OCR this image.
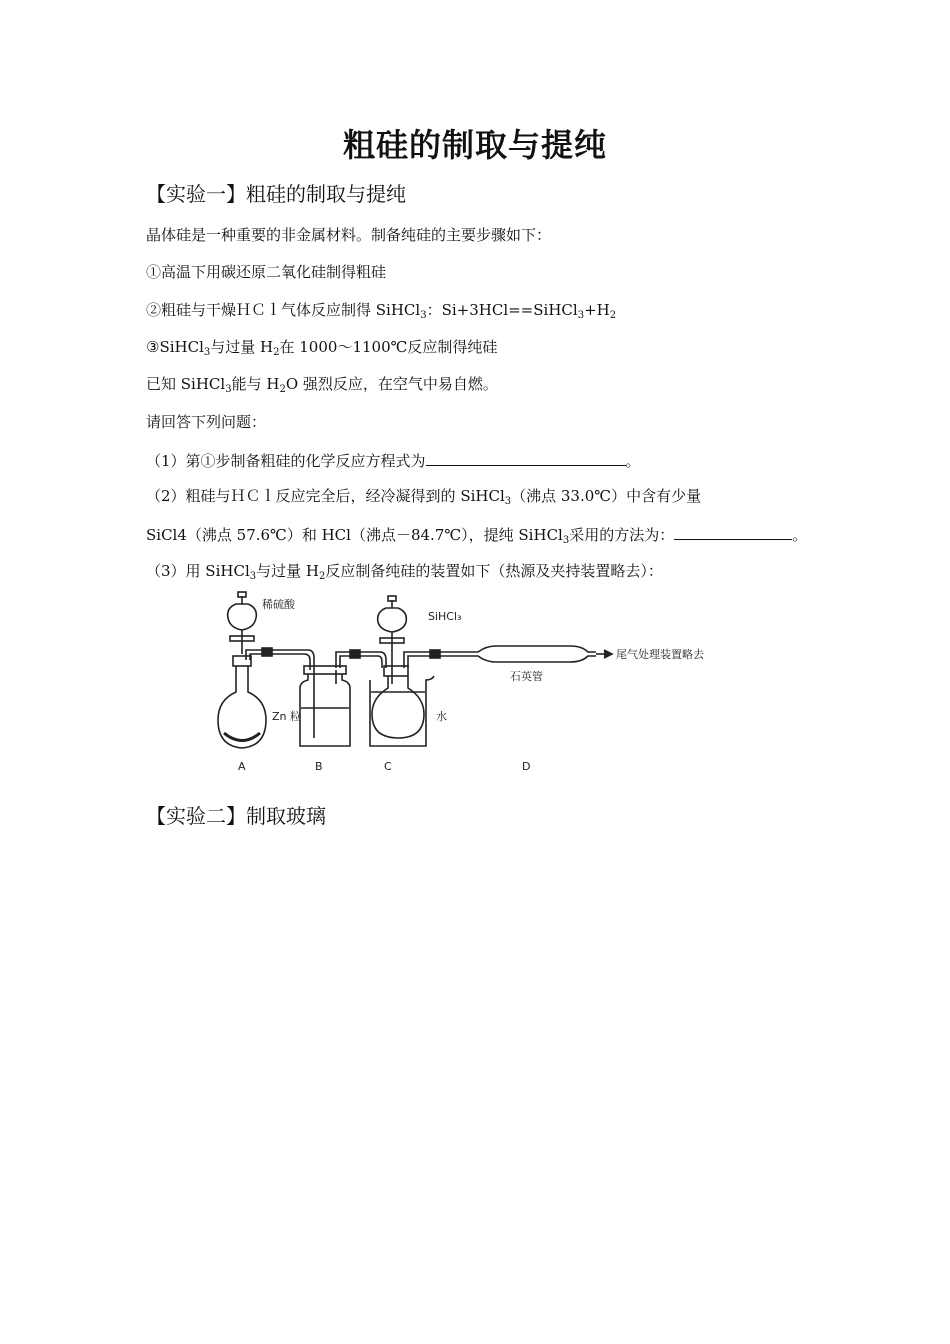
粗硅的制取与提纯
【实验一】粗硅的制取与提纯
晶体硅是一种重要的非金属材料。制备纯硅的主要步骤如下：
①高温下用碳还原二氧化硅制得粗硅
②粗硅与干燥ＨＣｌ气体反应制得 SiHCl$_3$：$Si+3HCl==SiHCl_3+H_2$
③SiHCl$_3$与过量 $H_2$在 1000～1100℃反应制得纯硅
已知 SiHCl$_3$能与 $H_2O$ 强烈反应，在空气中易自燃。
请回答下列问题：
（1）第①步制备粗硅的化学反应方程式为	。
（2）粗硅与ＨＣｌ反应完全后，经冷凝得到的 SiHCl$_3$（沸点 33.0℃）中含有少量
SiCl4（沸点 57.6℃）和 HCl（沸点－84.7℃），提纯 SiHCl$_3$采用的方法为：	。
（3）用 SiHCl$_3$与过量 $H_2$反应制备纯硅的装置如下（热源及夹持装置略去）：
稀硫酸
SiHCl₃
Zn 粒	水
石英管
尾气处理装置略去
A	B	C	D
【实验二】制取玻璃
